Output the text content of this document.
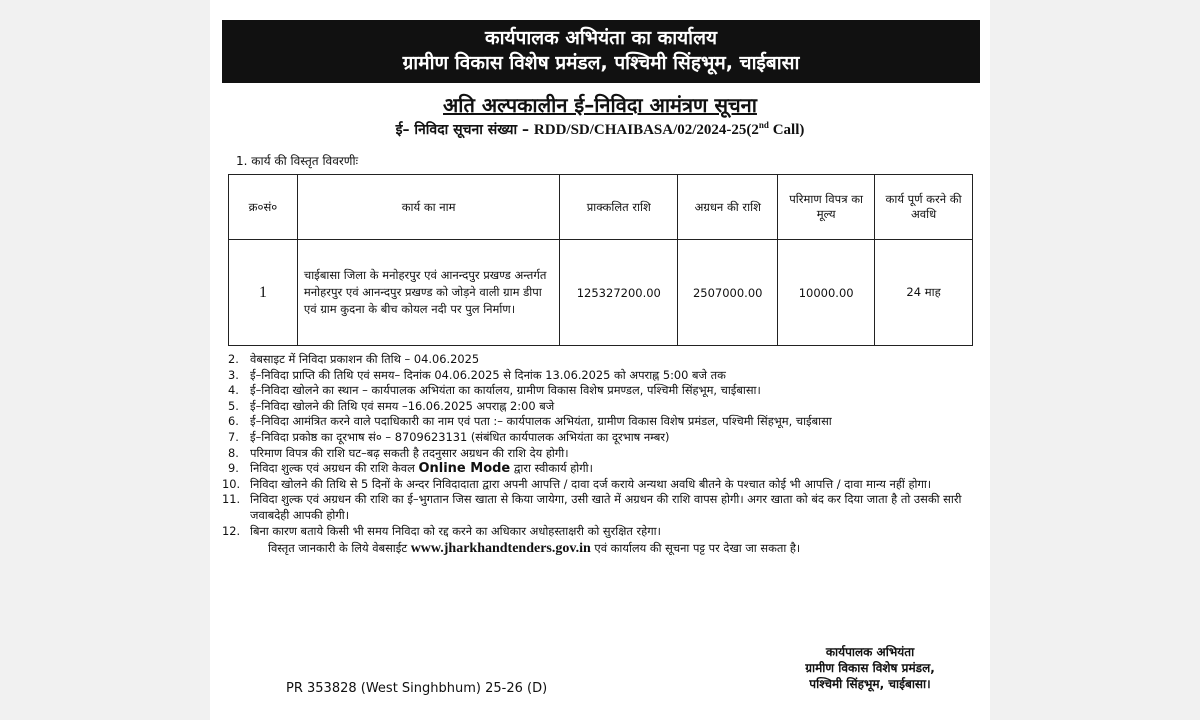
कार्यपालक अभियंता का कार्यालय
ग्रामीण विकास विशेष प्रमंडल, पश्चिमी सिंहभूम, चाईबासा
अति अल्पकालीन ई–निविदा आमंत्रण सूचना
ई– निविदा सूचना संख्या – RDD/SD/CHAIBASA/02/2024-25(2nd Call)
1. कार्य की विस्तृत विवरणीः
क्र०सं०	कार्य का नाम	प्राक्कलित राशि	अग्रधन की राशि	परिमाण विपत्र का मूल्य	कार्य पूर्ण करने की अवधि
1	चाईबासा जिला के मनोहरपुर एवं आनन्दपुर प्रखण्ड अन्तर्गत मनोहरपुर एवं आनन्दपुर प्रखण्ड को जोड़ने वाली ग्राम डीपा एवं ग्राम कुदना के बीच कोयल नदी पर पुल निर्माण।	125327200.00	2507000.00	10000.00	24 माह
2. वेबसाइट में निविदा प्रकाशन की तिथि – 04.06.2025
3. ई–निविदा प्राप्ति की तिथि एवं समय– दिनांक 04.06.2025 से दिनांक 13.06.2025 को अपराह्न 5:00 बजे तक
4. ई–निविदा खोलने का स्थान – कार्यपालक अभियंता का कार्यालय, ग्रामीण विकास विशेष प्रमण्डल, पश्चिमी सिंहभूम, चाईबासा।
5. ई–निविदा खोलने की तिथि एवं समय –16.06.2025 अपराह्न 2:00 बजे
6. ई–निविदा आमंत्रित करने वाले पदाधिकारी का नाम एवं पता :– कार्यपालक अभियंता, ग्रामीण विकास विशेष प्रमंडल, पश्चिमी सिंहभूम, चाईबासा
7. ई–निविदा प्रकोष्ठ का दूरभाष सं० – 8709623131 (संबंधित कार्यपालक अभियंता का दूरभाष नम्बर)
8. परिमाण विपत्र की राशि घट–बढ़ सकती है तदनुसार अग्रधन की राशि देय होगी।
9. निविदा शुल्क एवं अग्रधन की राशि केवल Online Mode द्वारा स्वीकार्य होगी।
10. निविदा खोलने की तिथि से 5 दिनों के अन्दर निविदादाता द्वारा अपनी आपत्ति / दावा दर्ज कराये अन्यथा अवधि बीतने के पश्चात कोई भी आपत्ति / दावा मान्य नहीं होगा।
11. निविदा शुल्क एवं अग्रधन की राशि का ई–भुगतान जिस खाता से किया जायेगा, उसी खाते में अग्रधन की राशि वापस होगी। अगर खाता को बंद कर दिया जाता है तो उसकी सारी जवाबदेही आपकी होगी।
12. बिना कारण बताये किसी भी समय निविदा को रद्द करने का अधिकार अधोहस्ताक्षरी को सुरक्षित रहेगा।
विस्तृत जानकारी के लिये वेबसाईट www.jharkhandtenders.gov.in एवं कार्यालय की सूचना पट्ट पर देखा जा सकता है।
कार्यपालक अभियंता
ग्रामीण विकास विशेष प्रमंडल,
पश्चिमी सिंहभूम, चाईबासा।
PR 353828 (West Singhbhum) 25-26 (D)
